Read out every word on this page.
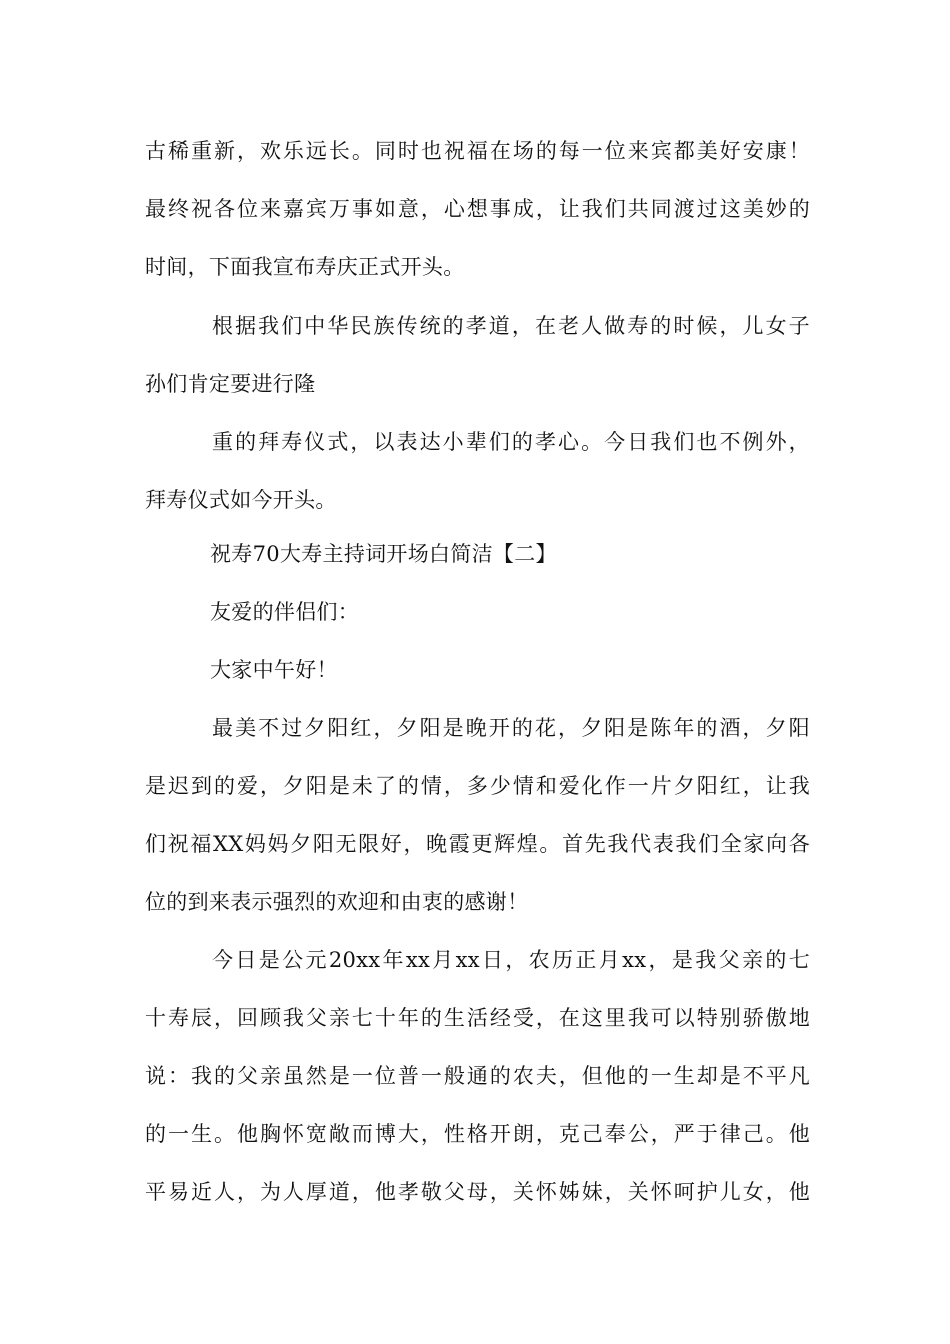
古稀重新，欢乐远长。同时也祝福在场的每一位来宾都美好安康！
最终祝各位来嘉宾万事如意，心想事成，让我们共同渡过这美妙的
时间，下面我宣布寿庆正式开头。
根据我们中华民族传统的孝道，在老人做寿的时候，儿女子
孙们肯定要进行隆
重的拜寿仪式，以表达小辈们的孝心。今日我们也不例外，
拜寿仪式如今开头。
祝寿70大寿主持词开场白简洁【二】
友爱的伴侣们：
大家中午好！
最美不过夕阳红，夕阳是晚开的花，夕阳是陈年的酒，夕阳
是迟到的爱，夕阳是未了的情，多少情和爱化作一片夕阳红，让我
们祝福XX妈妈夕阳无限好，晚霞更辉煌。首先我代表我们全家向各
位的到来表示强烈的欢迎和由衷的感谢！
今日是公元20xx年xx月xx日，农历正月xx，是我父亲的七
十寿辰，回顾我父亲七十年的生活经受，在这里我可以特别骄傲地
说：我的父亲虽然是一位普一般通的农夫，但他的一生却是不平凡
的一生。他胸怀宽敞而博大，性格开朗，克己奉公，严于律己。他
平易近人，为人厚道，他孝敬父母，关怀姊妹，关怀呵护儿女，他
